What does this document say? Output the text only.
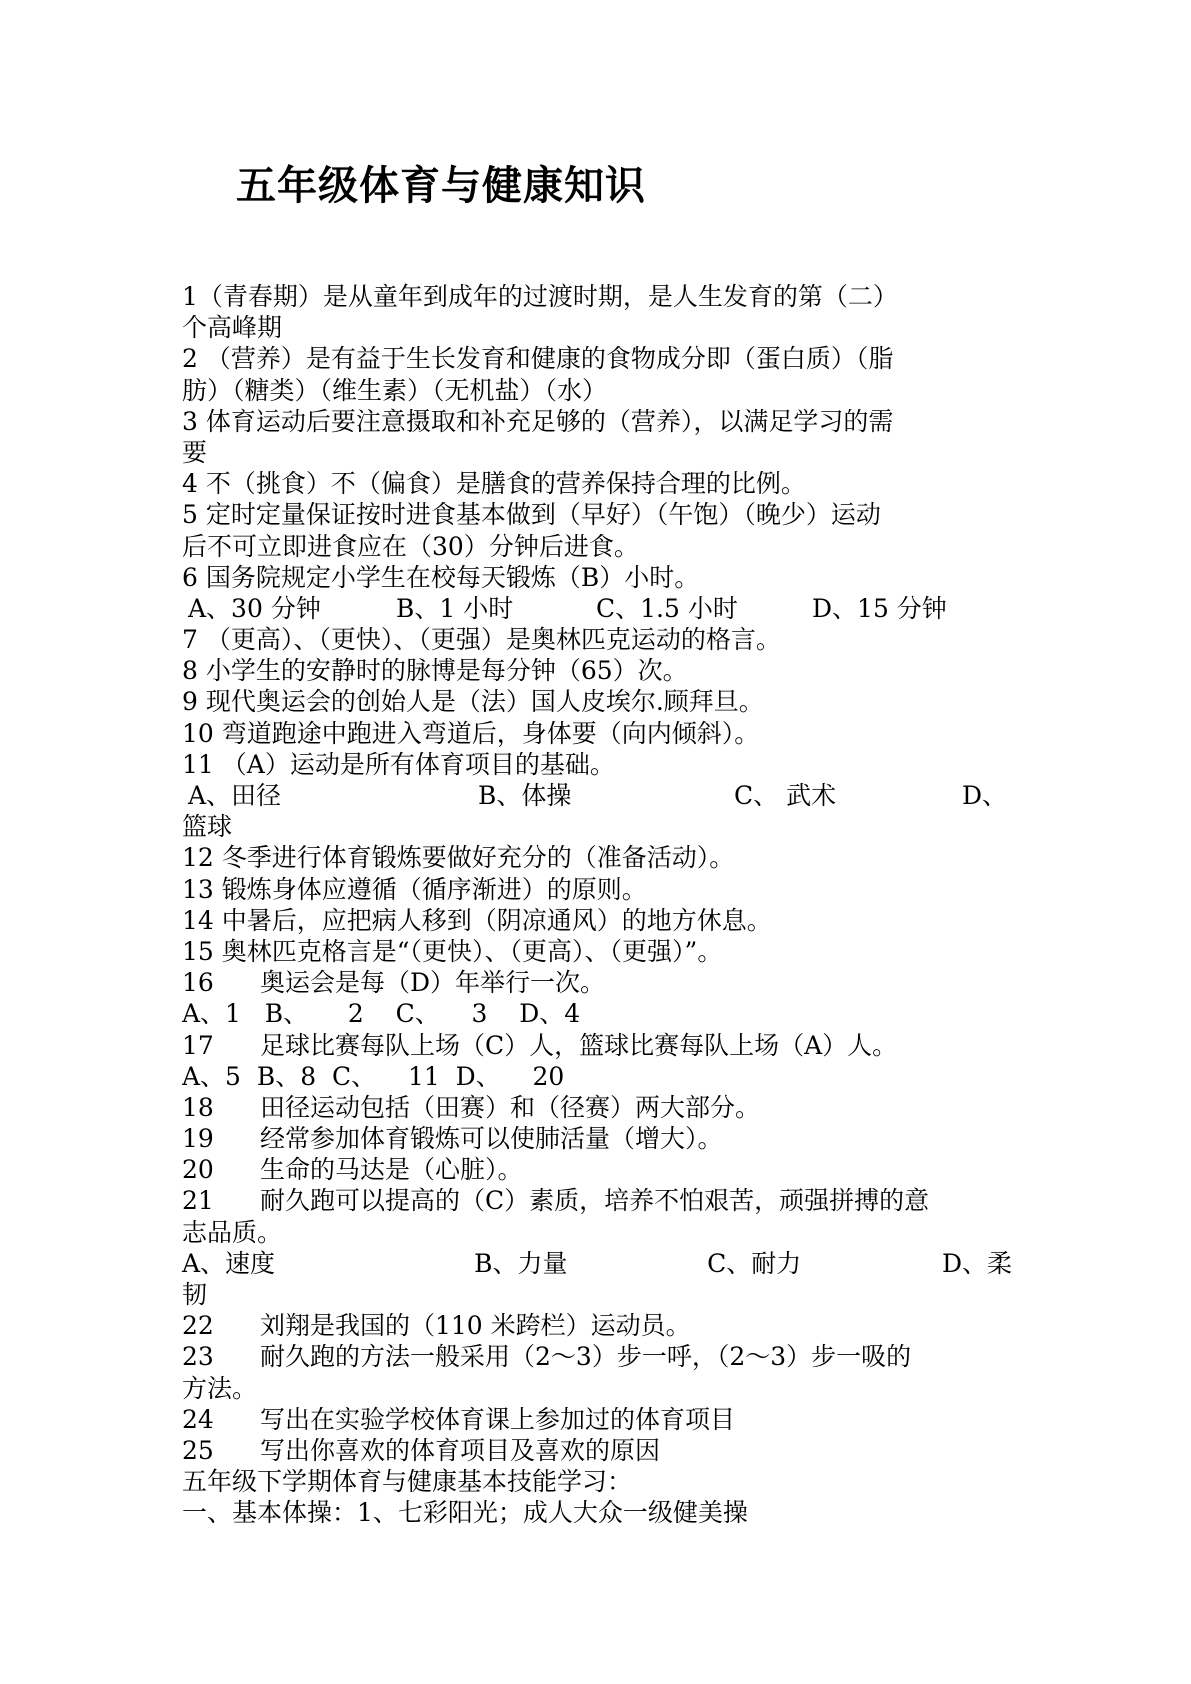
五年级体育与健康知识
1（青春期）是从童年到成年的过渡时期，是人生发育的第（二）
个高峰期
2 （营养）是有益于生长发育和健康的食物成分即（蛋白质）（脂
肪）（糖类）（维生素）（无机盐）（水）
3 体育运动后要注意摄取和补充足够的（营养），以满足学习的需
要
4 不（挑食）不（偏食）是膳食的营养保持合理的比例。
5 定时定量保证按时进食基本做到（早好）（午饱）（晚少）运动
后不可立即进食应在（30）分钟后进食。
6 国务院规定小学生在校每天锻炼（B）小时。
A、30 分钟	B、1 小时	C、1.5 小时	D、15 分钟
7 （更高）、（更快）、（更强）是奥林匹克运动的格言。
8 小学生的安静时的脉博是每分钟（65）次。
9 现代奥运会的创始人是（法）国人皮埃尔.顾拜旦。
10 弯道跑途中跑进入弯道后，身体要（向内倾斜）。
11 （A）运动是所有体育项目的基础。
A、田径	B、体操	C、 武术	D、
篮球
12 冬季进行体育锻炼要做好充分的（准备活动）。
13 锻炼身体应遵循（循序渐进）的原则。
14 中暑后，应把病人移到（阴凉通风）的地方休息。
15 奥林匹克格言是“（更快）、（更高）、（更强）”。
16 奥运会是每（D）年举行一次。
A、1   B、     2    C、    3    D、4
17 足球比赛每队上场（C）人，篮球比赛每队上场（A）人。
A、5  B、8  C、    11  D、    20
18 田径运动包括（田赛）和（径赛）两大部分。
19 经常参加体育锻炼可以使肺活量（增大）。
20 生命的马达是（心脏）。
21 耐久跑可以提高的（C）素质，培养不怕艰苦，顽强拼搏的意
志品质。
A、速度	B、力量	C、耐力	D、柔
韧
22 刘翔是我国的（110 米跨栏）运动员。
23 耐久跑的方法一般采用（2～3）步一呼，（2～3）步一吸的
方法。
24 写出在实验学校体育课上参加过的体育项目
25 写出你喜欢的体育项目及喜欢的原因
五年级下学期体育与健康基本技能学习：
一、基本体操：1、七彩阳光；成人大众一级健美操
